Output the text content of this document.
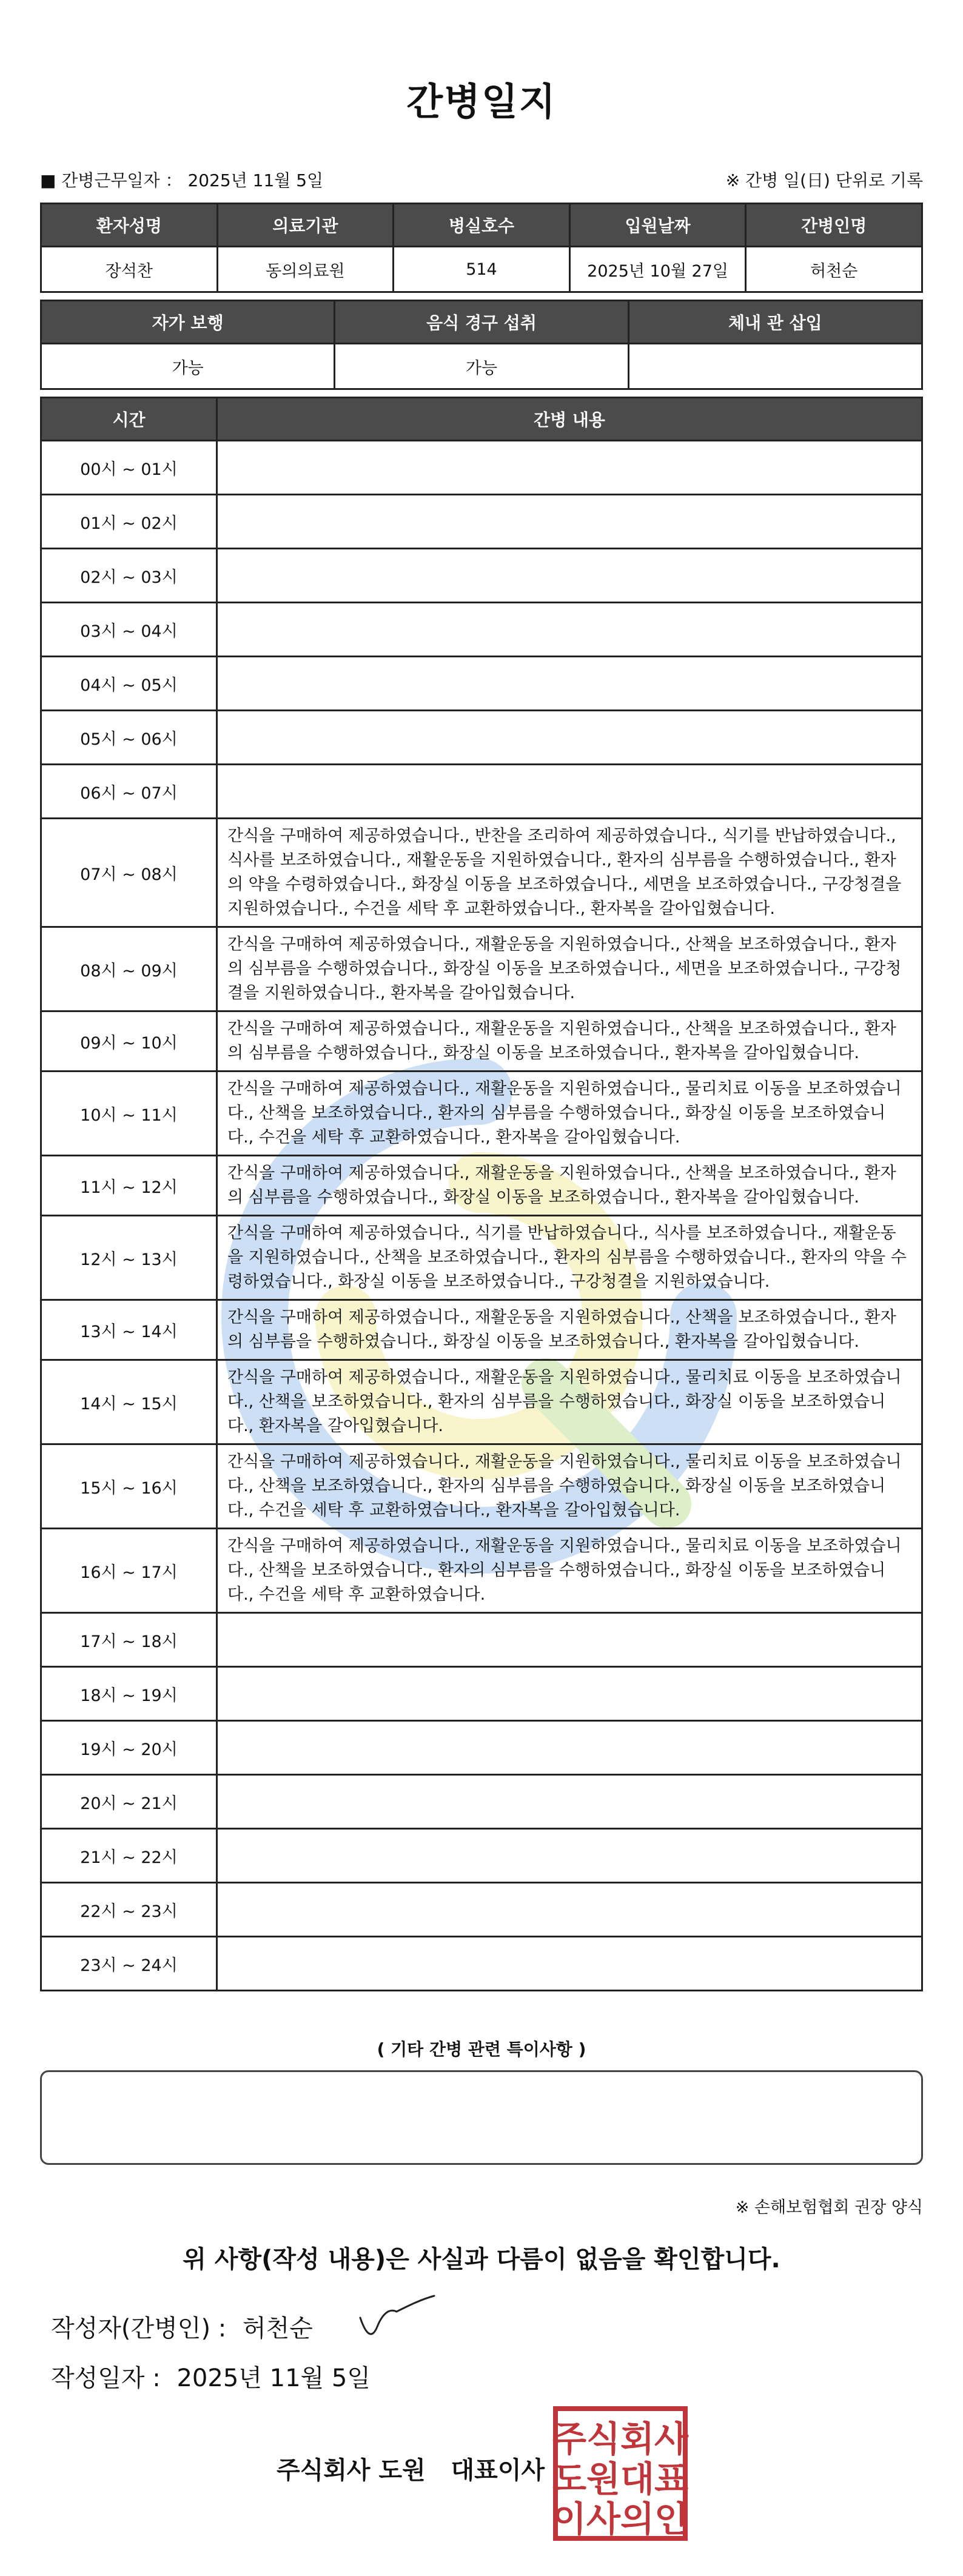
간병일지
■ 간병근무일자 ： 2025년 11월 5일	※ 간병 일(日) 단위로 기록
환자성명	의료기관	병실호수	입원날짜	간병인명
장석찬	동의의료원	514	2025년 10월 27일	허천순
자가 보행	음식 경구 섭취	체내 관 삽입
가능	가능	
시간	간병 내용
00시 ~ 01시	
01시 ~ 02시	
02시 ~ 03시	
03시 ~ 04시	
04시 ~ 05시	
05시 ~ 06시	
06시 ~ 07시	
07시 ~ 08시	간식을 구매하여 제공하였습니다., 반찬을 조리하여 제공하였습니다., 식기를 반납하였습니다., 식사를 보조하였습니다., 재활운동을 지원하였습니다., 환자의 심부름을 수행하였습니다., 환자의 약을 수령하였습니다., 화장실 이동을 보조하였습니다., 세면을 보조하였습니다., 구강청결을 지원하였습니다., 수건을 세탁 후 교환하였습니다., 환자복을 갈아입혔습니다.
08시 ~ 09시	간식을 구매하여 제공하였습니다., 재활운동을 지원하였습니다., 산책을 보조하였습니다., 환자의 심부름을 수행하였습니다., 화장실 이동을 보조하였습니다., 세면을 보조하였습니다., 구강청결을 지원하였습니다., 환자복을 갈아입혔습니다.
09시 ~ 10시	간식을 구매하여 제공하였습니다., 재활운동을 지원하였습니다., 산책을 보조하였습니다., 환자의 심부름을 수행하였습니다., 화장실 이동을 보조하였습니다., 환자복을 갈아입혔습니다.
10시 ~ 11시	간식을 구매하여 제공하였습니다., 재활운동을 지원하였습니다., 물리치료 이동을 보조하였습니다., 산책을 보조하였습니다., 환자의 심부름을 수행하였습니다., 화장실 이동을 보조하였습니다., 수건을 세탁 후 교환하였습니다., 환자복을 갈아입혔습니다.
11시 ~ 12시	간식을 구매하여 제공하였습니다., 재활운동을 지원하였습니다., 산책을 보조하였습니다., 환자의 심부름을 수행하였습니다., 화장실 이동을 보조하였습니다., 환자복을 갈아입혔습니다.
12시 ~ 13시	간식을 구매하여 제공하였습니다., 식기를 반납하였습니다., 식사를 보조하였습니다., 재활운동을 지원하였습니다., 산책을 보조하였습니다., 환자의 심부름을 수행하였습니다., 환자의 약을 수령하였습니다., 화장실 이동을 보조하였습니다., 구강청결을 지원하였습니다.
13시 ~ 14시	간식을 구매하여 제공하였습니다., 재활운동을 지원하였습니다., 산책을 보조하였습니다., 환자의 심부름을 수행하였습니다., 화장실 이동을 보조하였습니다., 환자복을 갈아입혔습니다.
14시 ~ 15시	간식을 구매하여 제공하였습니다., 재활운동을 지원하였습니다., 물리치료 이동을 보조하였습니다., 산책을 보조하였습니다., 환자의 심부름을 수행하였습니다., 화장실 이동을 보조하였습니다., 환자복을 갈아입혔습니다.
15시 ~ 16시	간식을 구매하여 제공하였습니다., 재활운동을 지원하였습니다., 물리치료 이동을 보조하였습니다., 산책을 보조하였습니다., 환자의 심부름을 수행하였습니다., 화장실 이동을 보조하였습니다., 수건을 세탁 후 교환하였습니다., 환자복을 갈아입혔습니다.
16시 ~ 17시	간식을 구매하여 제공하였습니다., 재활운동을 지원하였습니다., 물리치료 이동을 보조하였습니다., 산책을 보조하였습니다., 환자의 심부름을 수행하였습니다., 화장실 이동을 보조하였습니다., 수건을 세탁 후 교환하였습니다.
17시 ~ 18시	
18시 ~ 19시	
19시 ~ 20시	
20시 ~ 21시	
21시 ~ 22시	
22시 ~ 23시	
23시 ~ 24시	
( 기타 간병 관련 특이사항 )
※ 손해보험협회 권장 양식
위 사항(작성 내용)은 사실과 다름이 없음을 확인합니다.
작성자(간병인) : 허천순
작성일자 : 2025년 11월 5일
주식회사 도원   대표이사
주식회사
도원대표
이사의인
